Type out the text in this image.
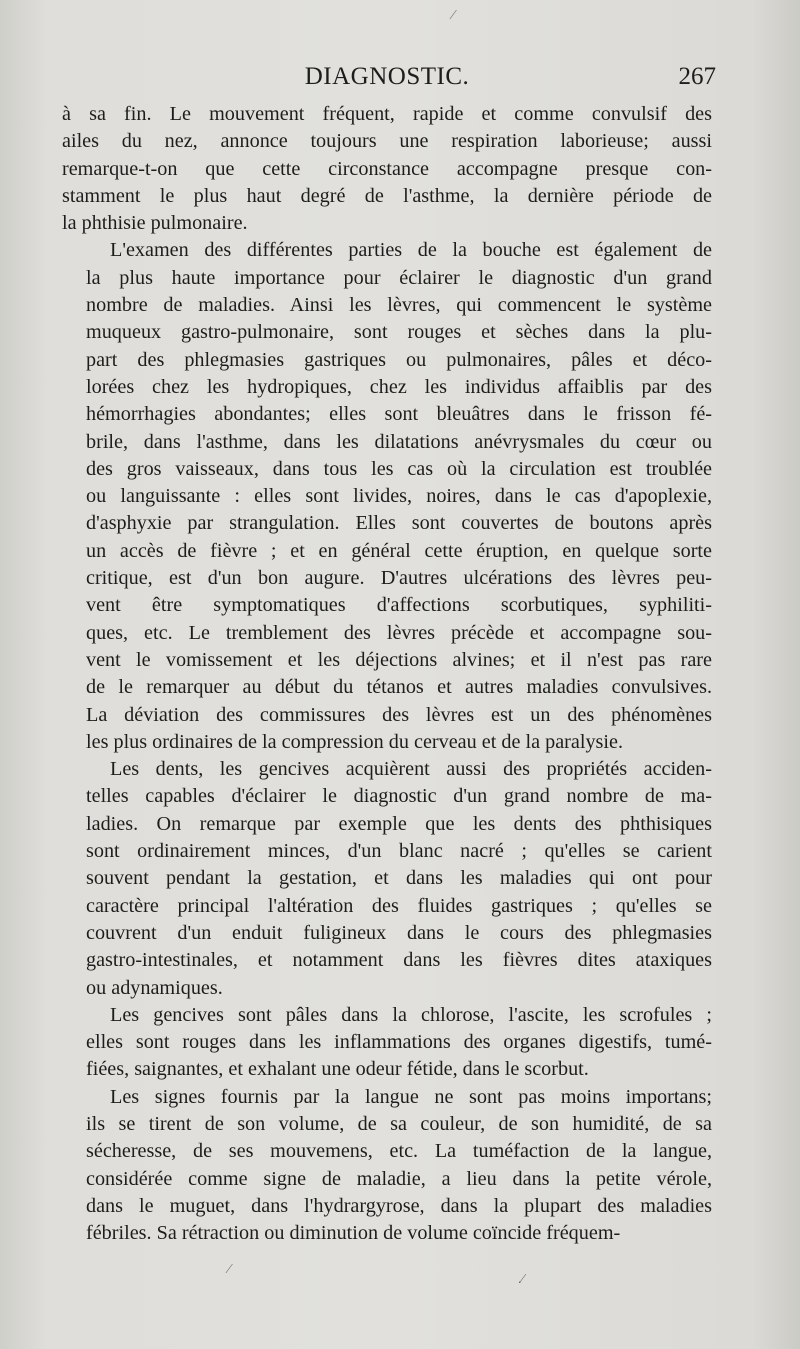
⁄
DIAGNOSTIC.	267
à sa fin. Le mouvement fréquent, rapide et comme convulsif des
ailes du nez, annonce toujours une respiration laborieuse; aussi
remarque-t-on que cette circonstance accompagne presque con-
stamment le plus haut degré de l'asthme, la dernière période de
la phthisie pulmonaire.
L'examen des différentes parties de la bouche est également de
la plus haute importance pour éclairer le diagnostic d'un grand
nombre de maladies. Ainsi les lèvres, qui commencent le système
muqueux gastro-pulmonaire, sont rouges et sèches dans la plu-
part des phlegmasies gastriques ou pulmonaires, pâles et déco-
lorées chez les hydropiques, chez les individus affaiblis par des
hémorrhagies abondantes; elles sont bleuâtres dans le frisson fé-
brile, dans l'asthme, dans les dilatations anévrysmales du cœur ou
des gros vaisseaux, dans tous les cas où la circulation est troublée
ou languissante : elles sont livides, noires, dans le cas d'apoplexie,
d'asphyxie par strangulation. Elles sont couvertes de boutons après
un accès de fièvre ; et en général cette éruption, en quelque sorte
critique, est d'un bon augure. D'autres ulcérations des lèvres peu-
vent être symptomatiques d'affections scorbutiques, syphiliti-
ques, etc. Le tremblement des lèvres précède et accompagne sou-
vent le vomissement et les déjections alvines; et il n'est pas rare
de le remarquer au début du tétanos et autres maladies convulsives.
La déviation des commissures des lèvres est un des phénomènes
les plus ordinaires de la compression du cerveau et de la paralysie.
Les dents, les gencives acquièrent aussi des propriétés acciden-
telles capables d'éclairer le diagnostic d'un grand nombre de ma-
ladies. On remarque par exemple que les dents des phthisiques
sont ordinairement minces, d'un blanc nacré ; qu'elles se carient
souvent pendant la gestation, et dans les maladies qui ont pour
caractère principal l'altération des fluides gastriques ; qu'elles se
couvrent d'un enduit fuligineux dans le cours des phlegmasies
gastro-intestinales, et notamment dans les fièvres dites ataxiques
ou adynamiques.
Les gencives sont pâles dans la chlorose, l'ascite, les scrofules ;
elles sont rouges dans les inflammations des organes digestifs, tumé-
fiées, saignantes, et exhalant une odeur fétide, dans le scorbut.
Les signes fournis par la langue ne sont pas moins importans;
ils se tirent de son volume, de sa couleur, de son humidité, de sa
sécheresse, de ses mouvemens, etc. La tuméfaction de la langue,
considérée comme signe de maladie, a lieu dans la petite vérole,
dans le muguet, dans l'hydrargyrose, dans la plupart des maladies
fébriles. Sa rétraction ou diminution de volume coïncide fréquem-
⁄
.⁄
